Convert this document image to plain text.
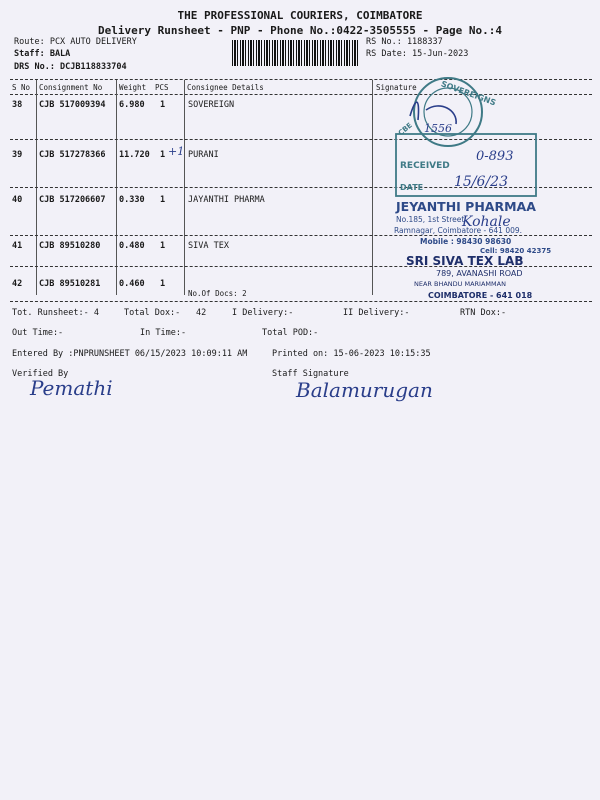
THE PROFESSIONAL COURIERS, COIMBATORE
Delivery Runsheet - PNP - Phone No.:0422-3505555 - Page No.:4
Route: PCX AUTO DELIVERY
Staff: BALA
DRS No.: DCJB118833704
RS No.: 1188337
RS Date: 15-Jun-2023
S No Consignment No Weight PCS Consignee Details	Signature
38 CJB 517009394 6.980 1	SOVEREIGN
39 CJB 517278366 11.720 1 +1 PURANI
40 CJB 517206607 0.330 1	JAYANTHI PHARMA
41 CJB 89510280 0.480 1	SIVA TEX
42 CJB 89510281 0.460 1
No.Of Docs: 2
SOVEREIGNS
CBE 1556
RECEIVED
DATE
0-893
15/6/23
JEYANTHI PHARMAA
No.185, 1st Street
Ramnagar, Coimbatore - 641 009.
Kohale
Mobile : 98430 98630
Cell: 98420 42375
SRI SIVA TEX LAB
789, AVANASHI ROAD
NEAR BHANDU MARIAMMAN
COIMBATORE - 641 018
Tot. Runsheet:- 4	Total Dox:- 42	I Delivery:-	II Delivery:-	RTN Dox:-
Out Time:-	In Time:-	Total POD:-
Entered By :PNPRUNSHEET 06/15/2023 10:09:11 AM	Printed on: 15-06-2023 10:15:35
Verified By	Staff Signature
Pemathi	Balamurugan
